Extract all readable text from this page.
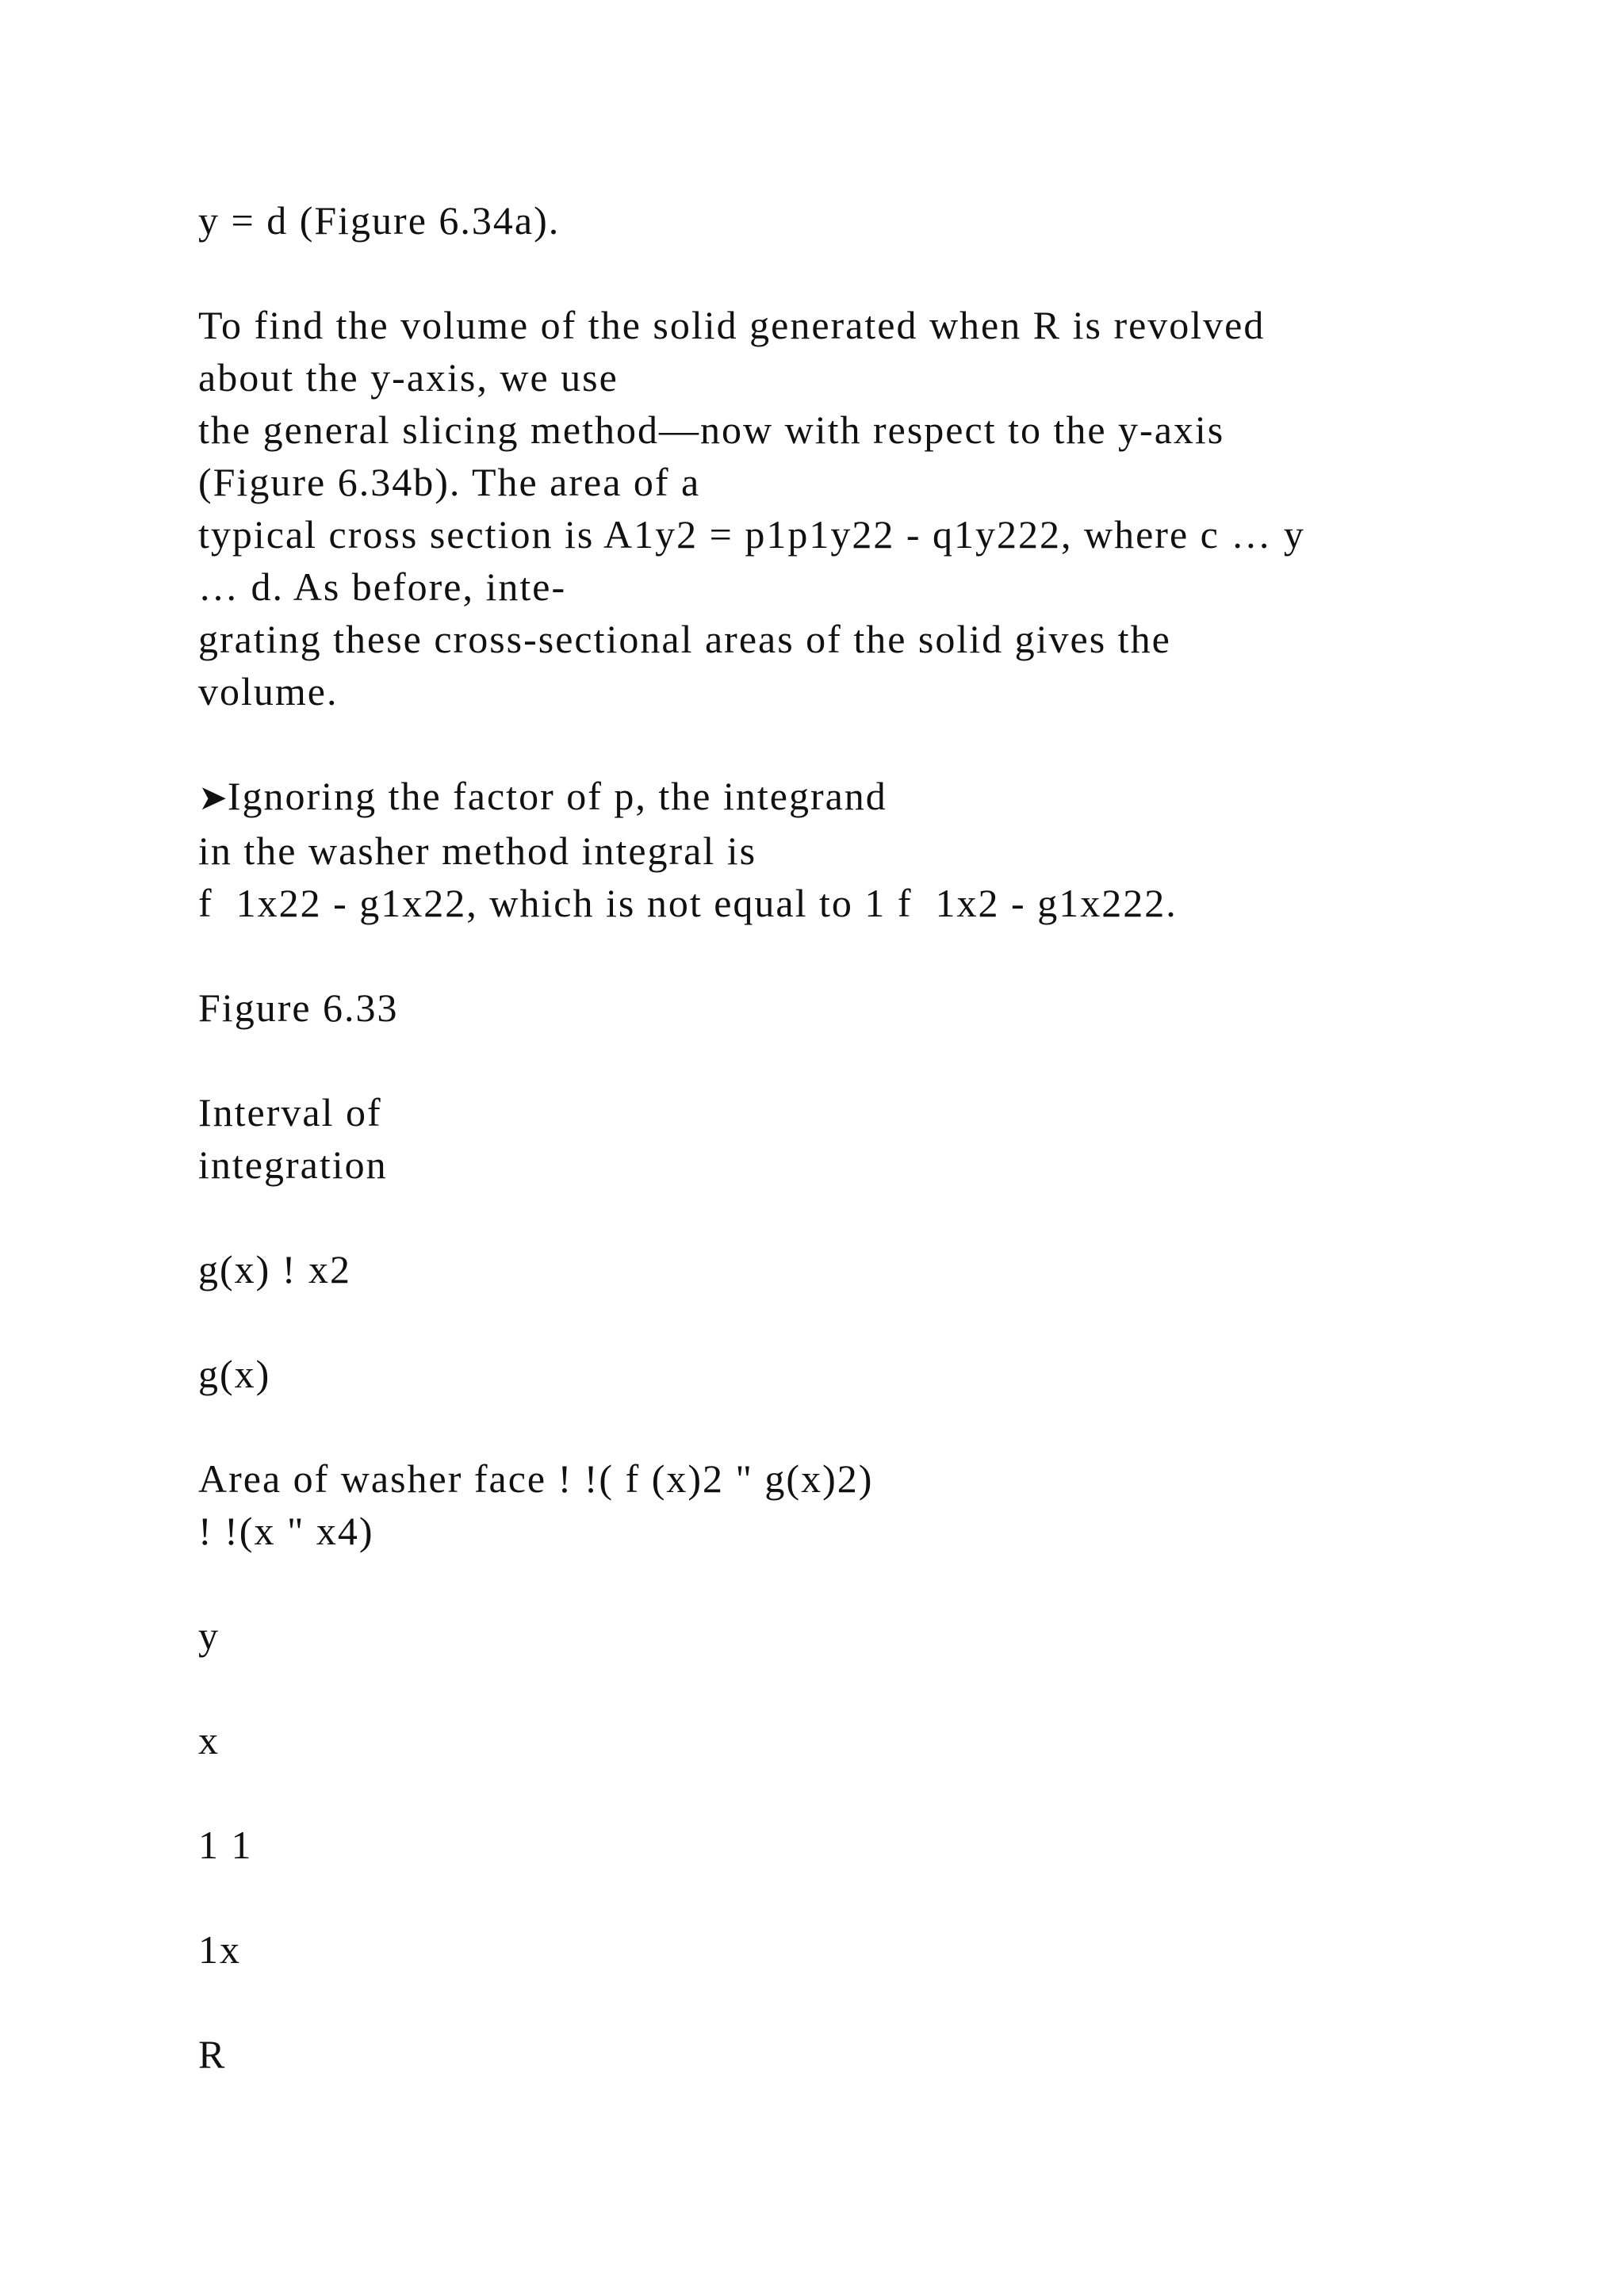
y = d (Figure 6.34a).
To find the volume of the solid generated when R is revolved
about the y-axis, we use
the general slicing method—now with respect to the y-axis
(Figure 6.34b). The area of a
typical cross section is A1y2 = p1p1y22 - q1y222, where c … y
… d. As before, inte-
grating these cross-sectional areas of the solid gives the
volume.
➤Ignoring the factor of p, the integrand
in the washer method integral is
f  1x22 - g1x22, which is not equal to 1 f  1x2 - g1x222.
Figure 6.33
Interval of
integration
g(x) ! x2
g(x)
Area of washer face ! !( f (x)2 " g(x)2)
! !(x " x4)
y
x
1 1
1x
R
